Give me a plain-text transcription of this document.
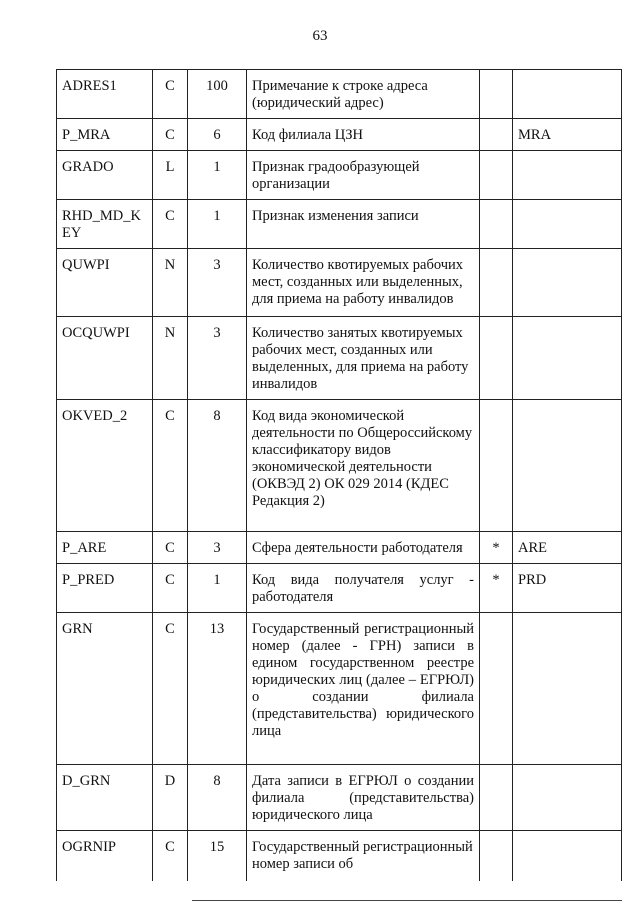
63
ADRES1	C	100	Примечание к строке адреса (юридический адрес)		
P_MRA	C	6	Код филиала ЦЗН		MRA
GRADO	L	1	Признак градообразующей организации		
RHD_MD_KEY	C	1	Признак изменения записи		
QUWPI	N	3	Количество квотируемых рабочих мест, созданных или выделенных, для приема на работу инвалидов		
OCQUWPI	N	3	Количество занятых квотируемых рабочих мест, созданных или выделенных, для приема на работу инвалидов		
OKVED_2	C	8	Код вида экономической деятельности по Общероссийскому классификатору видов экономической деятельности (ОКВЭД 2) ОК 029 2014 (КДЕС Редакция 2)		
P_ARE	C	3	Сфера деятельности работодателя	*	ARE
P_PRED	C	1	Код вида получателя услуг - работодателя	*	PRD
GRN	C	13	Государственный регистрационный номер (далее - ГРН) записи в едином государственном реестре юридических лиц (далее – ЕГРЮЛ) о создании филиала (представительства) юридического лица		
D_GRN	D	8	Дата записи в ЕГРЮЛ о создании филиала (представительства) юридического лица		
OGRNIP	C	15	Государственный регистрационный номер записи об		
